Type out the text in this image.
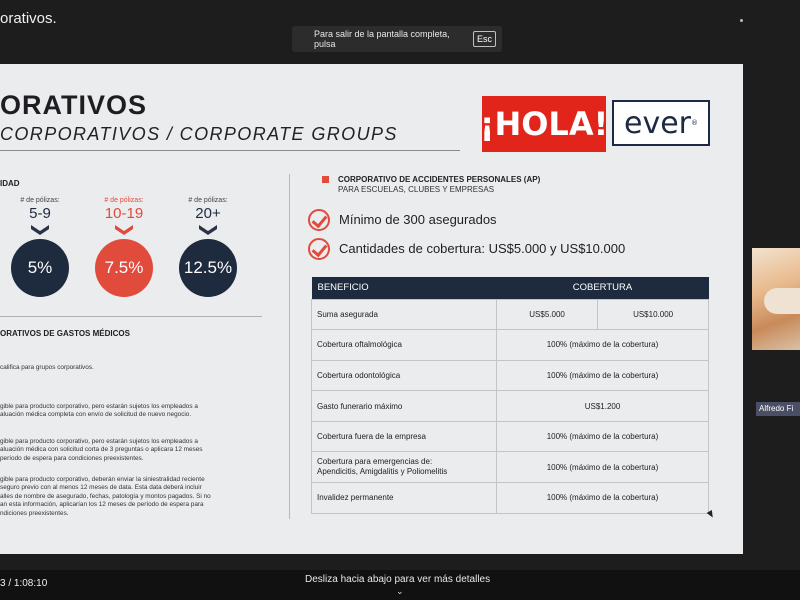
orativos.
Para salir de la pantalla completa, pulsa	Esc
ORATIVOS
CORPORATIVOS / CORPORATE GROUPS	¡HOLA! ever ®
IDAD
# de pólizas:
5-9
5%
# de pólizas:
10-19
7.5%
# de pólizas:
20+
12.5%
ORATIVOS DE GASTOS MÉDICOS
califica para grupos corporativos.
gible para producto corporativo, pero estarán sujetos los empleados a
aluación médica completa con envío de solicitud de nuevo negocio.
gible para producto corporativo, pero estarán sujetos los empleados a
aluación médica con solicitud corta de 3 preguntas o aplicara 12 meses
período de espera para condiciones preexistentes.
gible para producto corporativo, deberán enviar la siniestralidad reciente
seguro previo con al menos 12 meses de data. Esta data deberá incluir
alles de nombre de asegurado, fechas, patología y montos pagados. Si no
an esta información, aplicarían los 12 meses de período de espera para
ndiciones preexistentes.
CORPORATIVO DE ACCIDENTES PERSONALES (AP)
PARA ESCUELAS, CLUBES Y EMPRESAS
Mínimo de 300 asegurados
Cantidades de cobertura: US$5.000 y US$10.000
BENEFICIO	COBERTURA	
Suma asegurada	US$5.000	US$10.000
Cobertura oftalmológica	100% (máximo de la cobertura)	
Cobertura odontológica	100% (máximo de la cobertura)	
Gasto funerario máximo	US$1.200	
Cobertura fuera de la empresa	100% (máximo de la cobertura)	
Cobertura para emergencias de:
Apendicitis, Amigdalitis y Poliomelitis	100% (máximo de la cobertura)	
Invalidez permanente	100% (máximo de la cobertura)	
Alfredo Fi
3 / 1:08:10	Desliza hacia abajo para ver más detalles
⌄
